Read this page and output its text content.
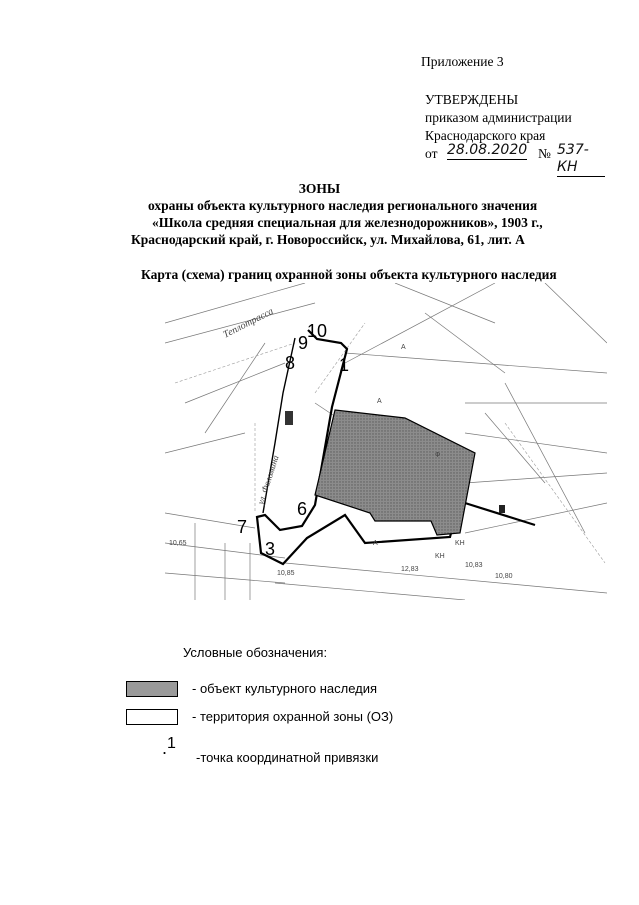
Приложение 3
УТВЕРЖДЕНЫ
приказом администрации
Краснодарского края
от 28.08.2020 № 537-КН
ЗОНЫ
охраны объекта культурного наследия регионального значения
«Школа средняя специальная для железнодорожников», 1903 г.,
Краснодарский край, г. Новороссийск, ул. Михайлова, 61, лит. А
Карта (схема) границ охранной зоны объекта культурного наследия
Теплотрасса
ул. Фоломина
10
9
8 1
7
6
3
А
А
А
KH
KH
Ф
10,65
10,85
10,83
10,80
12,83
Условные обозначения:
- объект культурного наследия
- территория охранной зоны (ОЗ)
.1
-точка координатной привязки
